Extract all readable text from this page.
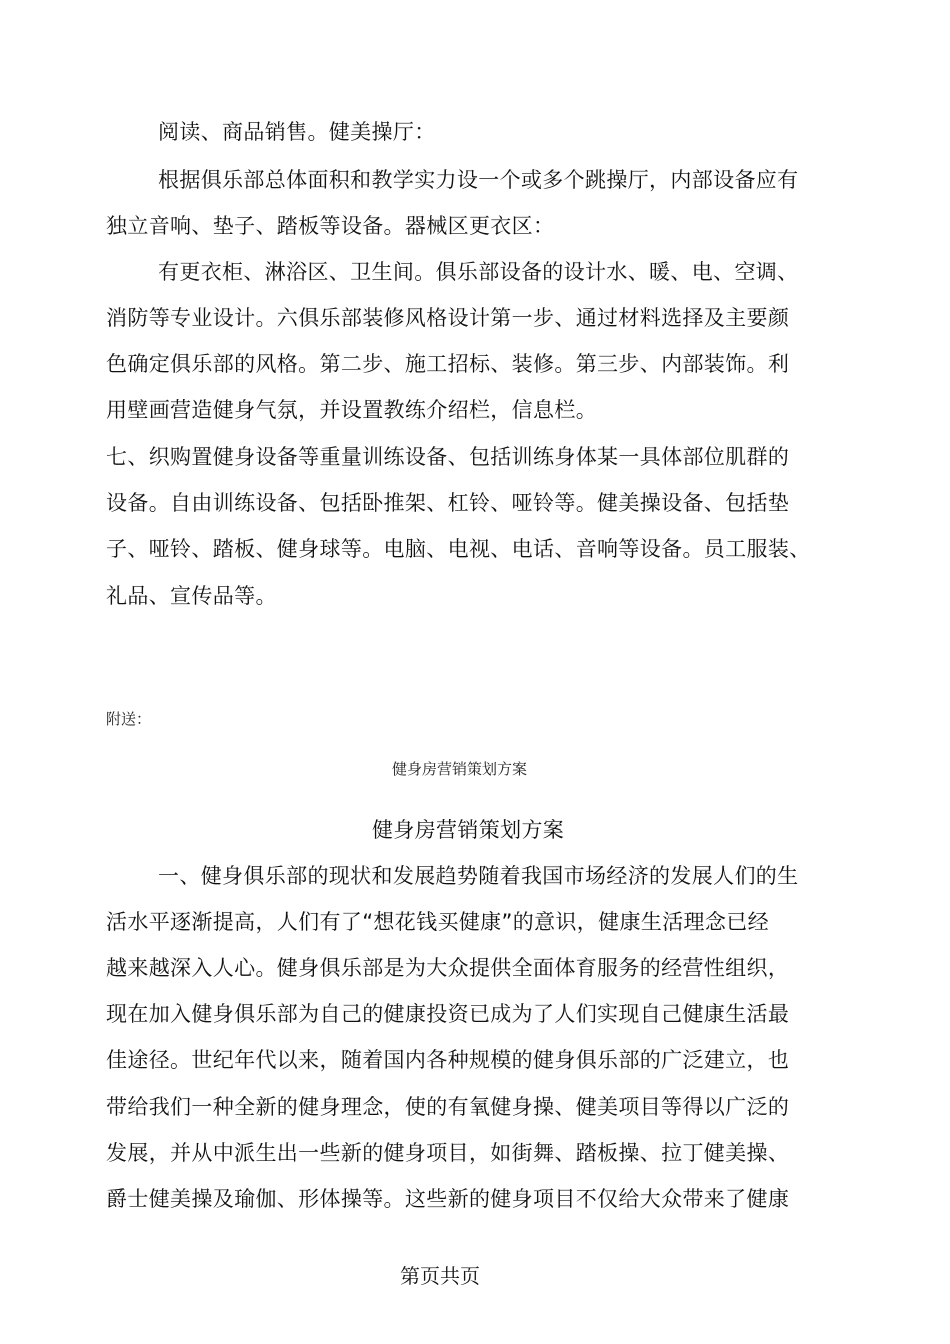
阅读、商品销售。健美操厅：
根据俱乐部总体面积和教学实力设一个或多个跳操厅，内部设备应有
独立音响、垫子、踏板等设备。器械区更衣区：
有更衣柜、淋浴区、卫生间。俱乐部设备的设计水、暖、电、空调、
消防等专业设计。六俱乐部装修风格设计第一步、通过材料选择及主要颜
色确定俱乐部的风格。第二步、施工招标、装修。第三步、内部装饰。利
用壁画营造健身气氛，并设置教练介绍栏，信息栏。
七、织购置健身设备等重量训练设备、包括训练身体某一具体部位肌群的
设备。自由训练设备、包括卧推架、杠铃、哑铃等。健美操设备、包括垫
子、哑铃、踏板、健身球等。电脑、电视、电话、音响等设备。员工服装、
礼品、宣传品等。
附送：
健身房营销策划方案
健身房营销策划方案
一、健身俱乐部的现状和发展趋势随着我国市场经济的发展人们的生
活水平逐渐提高，人们有了“想花钱买健康”的意识，健康生活理念已经
越来越深入人心。健身俱乐部是为大众提供全面体育服务的经营性组织，
现在加入健身俱乐部为自己的健康投资已成为了人们实现自己健康生活最
佳途径。世纪年代以来，随着国内各种规模的健身俱乐部的广泛建立，也
带给我们一种全新的健身理念，使的有氧健身操、健美项目等得以广泛的
发展，并从中派生出一些新的健身项目，如街舞、踏板操、拉丁健美操、
爵士健美操及瑜伽、形体操等。这些新的健身项目不仅给大众带来了健康
第页共页
